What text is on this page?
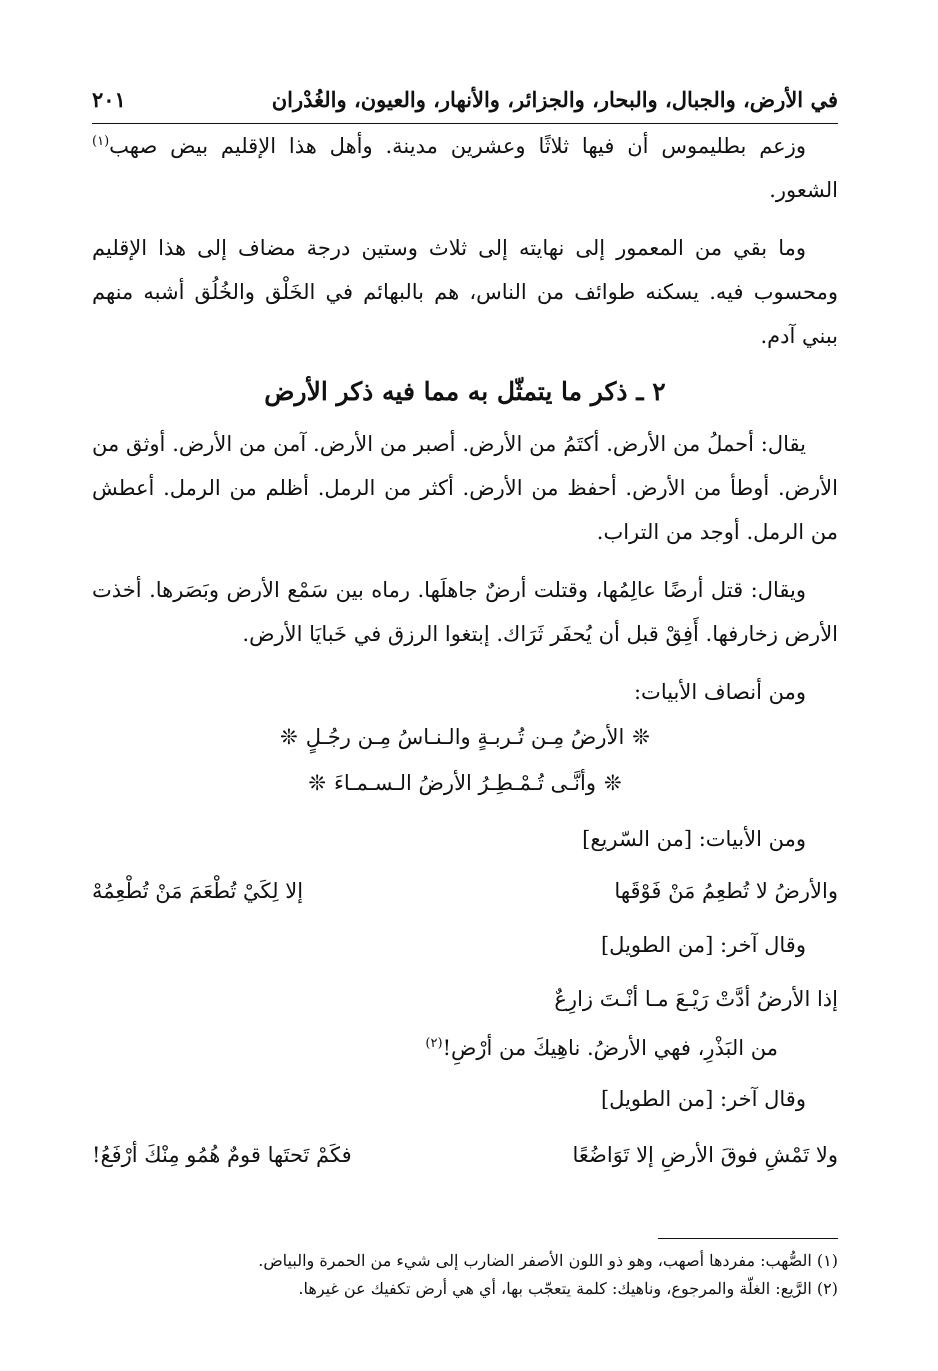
في الأرض، والجبال، والبحار، والجزائر، والأنهار، والعيون، والغُدْران
٢٠١

وزعم بطليموس أن فيها ثلاثًا وعشرين مدينة. وأهل هذا الإقليم بيض صهب$^{(١)}$ الشعور.

وما بقي من المعمور إلى نهايته إلى ثلاث وستين درجة مضاف إلى هذا الإقليم ومحسوب فيه. يسكنه طوائف من الناس، هم بالبهائم في الخَلْق والخُلُق أشبه منهم ببني آدم.

٢ ـ ذكر ما يتمثّل به مما فيه ذكر الأرض

يقال: أحملُ من الأرض. أكتَمُ من الأرض. أصبر من الأرض. آمن من الأرض. أوثق من الأرض. أوطأ من الأرض. أحفظ من الأرض. أكثر من الرمل. أظلم من الرمل. أعطش من الرمل. أوجد من التراب.

ويقال: قتل أرضًا عالِمُها، وقتلت أرضٌ جاهلَها. رماه بين سَمْع الأرض وبَصَرها. أخذت الأرض زخارفها. أَفِقْ قبل أن يُحفَر ثَرَاك. إبتغوا الرزق في خَبايَا الأرض.

ومن أنصاف الأبيات:

❊الأرضُ مِـن تُـربـةٍ والـنـاسُ مِـن رجُـلٍ❊
❊وأنَّـى تُـمْـطِـرُ الأرضُ الـسـمـاءَ❊
ومن الأبيات: [من السّريع]
والأرضُ لا تُطعِمُ مَنْ فَوْقَها
إلا لِكَيْ تُطْعَمَ مَنْ تُطْعِمُهْ
وقال آخر: [من الطويل]
إذا الأرضُ أدَّتْ رَيْـعَ مـا أنْـتَ زارِعٌ
من البَذْرِ، فهي الأرضُ. ناهِيكَ من أرْضِ!$^{(٢)}$
وقال آخر: [من الطويل]
ولا تَمْشِ فوقَ الأرضِ إلا تَوَاضُعًا
فكَمْ تَحتَها قومٌ هُمُو مِنْكَ أرْفَعُ!

(١) الصُّهب: مفردها أصهب، وهو ذو اللون الأصفر الضارب إلى شيء من الحمرة والبياض.

(٢) الرَّيع: الغلّة والمرجوع، وناهيك: كلمة يتعجّب بها، أي هي أرض تكفيك عن غيرها.
